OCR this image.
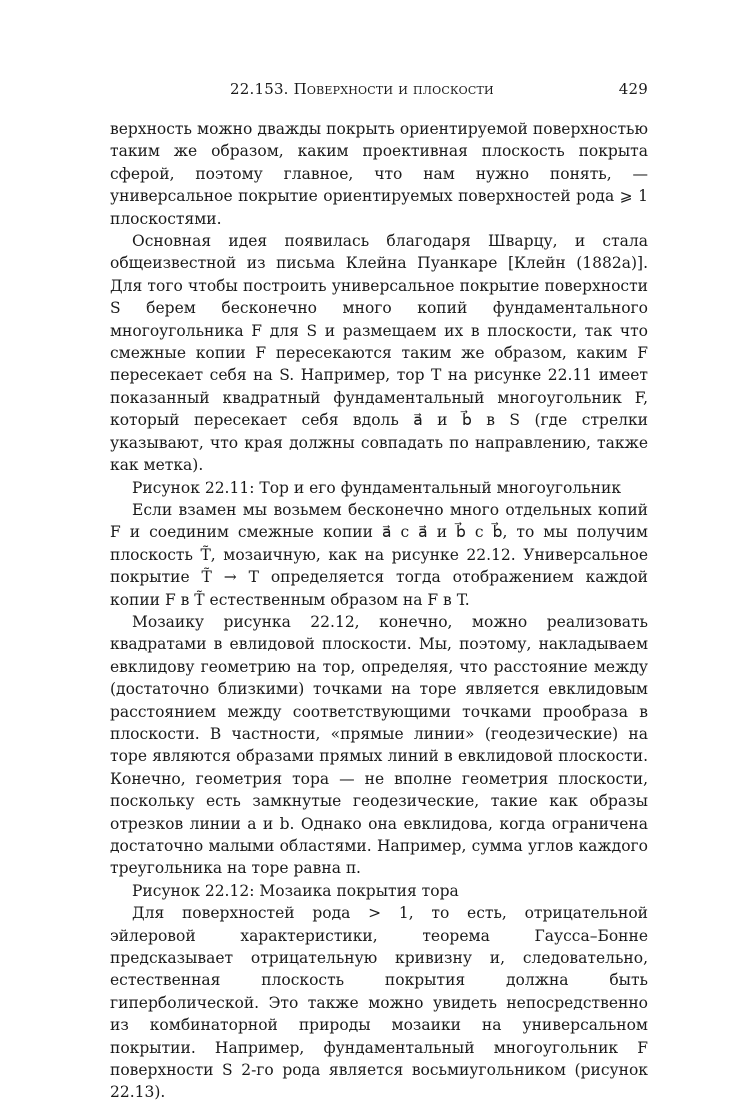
22.153. Поверхности и плоскости	429

верхность можно дважды покрыть ориентируемой поверхностью таким же образом, каким проективная плоскость покрыта сферой, поэтому главное, что нам нужно понять, — универсальное покрытие ориентируемых поверхностей рода ⩾ 1 плоскостями.

Основная идея появилась благодаря Шварцу, и стала общеизвестной из письма Клейна Пуанкаре [Клейн (1882а)]. Для того чтобы построить универсальное покрытие поверхности S берем бесконечно много копий фундаментального многоугольника F для S и размещаем их в плоскости, так что смежные копии F пересекаются таким же образом, каким F пересекает себя на S. Например, тор T на рисунке 22.11 имеет показанный квадратный фундаментальный многоугольник F, который пересекает себя вдоль a⃗ и b⃗ в S (где стрелки указывают, что края должны совпадать по направлению, также как метка).

Рисунок 22.11: Тор и его фундаментальный многоугольник

Если взамен мы возьмем бесконечно много отдельных копий F и соединим смежные копии a⃗ с a⃗ и b⃗ с b⃗, то мы получим плоскость T̃, мозаичную, как на рисунке 22.12. Универсальное покрытие T̃ → T определяется тогда отображением каждой копии F в T̃ естественным образом на F в T.

Мозаику рисунка 22.12, конечно, можно реализовать квадратами в евлидовой плоскости. Мы, поэтому, накладываем евклидову геометрию на тор, определяя, что расстояние между (достаточно близкими) точками на торе является евклидовым расстоянием между соответствующими точками прообраза в плоскости. В частности, «прямые линии» (геодезические) на торе являются образами прямых линий в евклидовой плоскости. Конечно, геометрия тора — не вполне геометрия плоскости, поскольку есть замкнутые геодезические, такие как образы отрезков линии a и b. Однако она евклидова, когда ограничена достаточно малыми областями. Например, сумма углов каждого треугольника на торе равна π.

Рисунок 22.12: Мозаика покрытия тора

Для поверхностей рода > 1, то есть, отрицательной эйлеровой характеристики, теорема Гаусса–Бонне предсказывает отрицательную кривизну и, следовательно, естественная плоскость покрытия должна быть гиперболической. Это также можно увидеть непосредственно из комбинаторной природы мозаики на универсальном покрытии. Например, фундаментальный многоугольник F поверхности S 2-го рода является восьмиугольником (рисунок 22.13).
